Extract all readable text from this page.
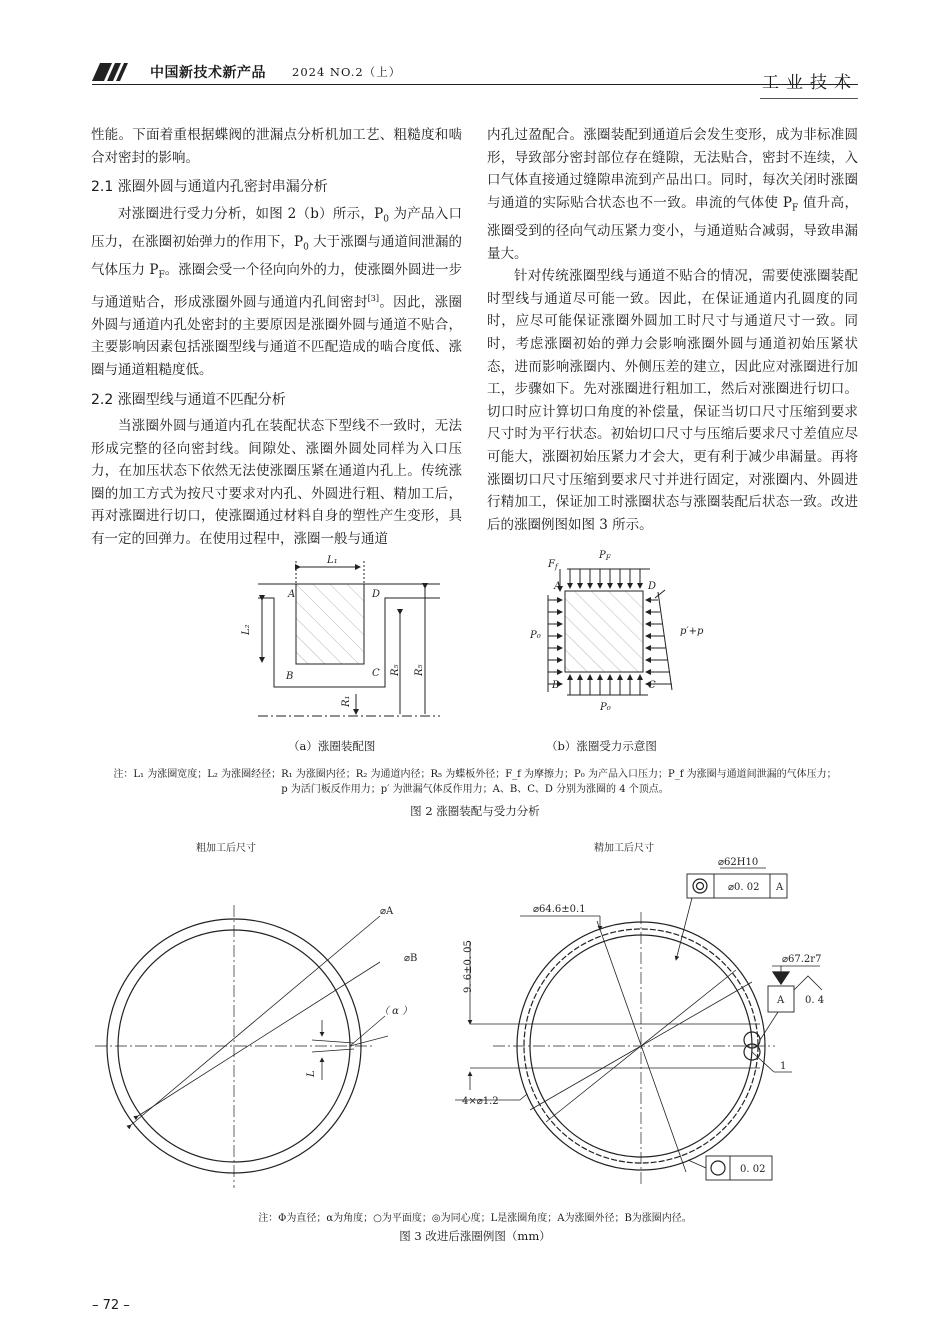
中国新技术新产品 2024 NO.2（上）
工业技术

性能。下面着重根据蝶阀的泄漏点分析机加工艺、粗糙度和啮合对密封的影响。

2.1 涨圈外圆与通道内孔密封串漏分析

对涨圈进行受力分析，如图 2（b）所示，$P_0$ 为产品入口压力，在涨圈初始弹力的作用下，$P_0$ 大于涨圈与通道间泄漏的气体压力 $P_F$。涨圈会受一个径向向外的力，使涨圈外圆进一步与通道贴合，形成涨圈外圆与通道内孔间密封[3]。因此，涨圈外圆与通道内孔处密封的主要原因是涨圈外圆与通道不贴合，主要影响因素包括涨圈型线与通道不匹配造成的啮合度低、涨圈与通道粗糙度低。

2.2 涨圈型线与通道不匹配分析

当涨圈外圆与通道内孔在装配状态下型线不一致时，无法形成完整的径向密封线。间隙处、涨圈外圆处同样为入口压力，在加压状态下依然无法使涨圈压紧在通道内孔上。传统涨圈的加工方式为按尺寸要求对内孔、外圆进行粗、精加工后，再对涨圈进行切口，使涨圈通过材料自身的塑性产生变形，具有一定的回弹力。在使用过程中，涨圈一般与通道

内孔过盈配合。涨圈装配到通道后会发生变形，成为非标准圆形，导致部分密封部位存在缝隙，无法贴合，密封不连续，入口气体直接通过缝隙串流到产品出口。同时，每次关闭时涨圈与通道的实际贴合状态也不一致。串流的气体使 $P_F$ 值升高，涨圈受到的径向气动压紧力变小，与通道贴合减弱，导致串漏量大。

针对传统涨圈型线与通道不贴合的情况，需要使涨圈装配时型线与通道尽可能一致。因此，在保证通道内孔圆度的同时，应尽可能保证涨圈外圆加工时尺寸与通道尺寸一致。同时，考虑涨圈初始的弹力会影响涨圈外圆与通道初始压紧状态，进而影响涨圈内、外侧压差的建立，因此应对涨圈进行加工，步骤如下。先对涨圈进行粗加工，然后对涨圈进行切口。切口时应计算切口角度的补偿量，保证当切口尺寸压缩到要求尺寸时为平行状态。初始切口尺寸与压缩后要求尺寸差值应尽可能大，涨圈初始压紧力才会大，更有利于减少串漏量。再将涨圈切口尺寸压缩到要求尺寸并进行固定，对涨圈内、外圆进行精加工，保证加工时涨圈状态与涨圈装配后状态一致。改进后的涨圈例图如图 3 所示。

L₁
L₂
A	D
B	C
R₁
R₅ R₅
$F_f$
$P_F$
A	D
B	C
P₀
P₀
p′+p
（a）涨圈装配图	（b）涨圈受力示意图
注：L₁ 为涨圈宽度；L₂ 为涨圈经径；R₁ 为涨圈内径；R₂ 为通道内径；R₅ 为蝶板外径；F_f 为摩擦力；P₀ 为产品入口压力；P_f 为涨圈与通道间泄漏的气体压力；
p 为活门板反作用力；p′ 为泄漏气体反作用力；A、B、C、D 分别为涨圈的 4 个顶点。
图 2 涨圈装配与受力分析
粗加工后尺寸
⌀A
⌀B
（ α ）
L
精加工后尺寸
⌀62H10
⌀0. 02 A
⌀64.6±0.1
9. 6±0. 05	⌀67.2r7
A 0. 4
1
4×⌀1.2
0. 02
注：Φ为直径；α为角度；○为平面度；◎为同心度；L是涨圈角度；A为涨圈外径；B为涨圈内径。
图 3 改进后涨圈例图（mm）
– 72 –
